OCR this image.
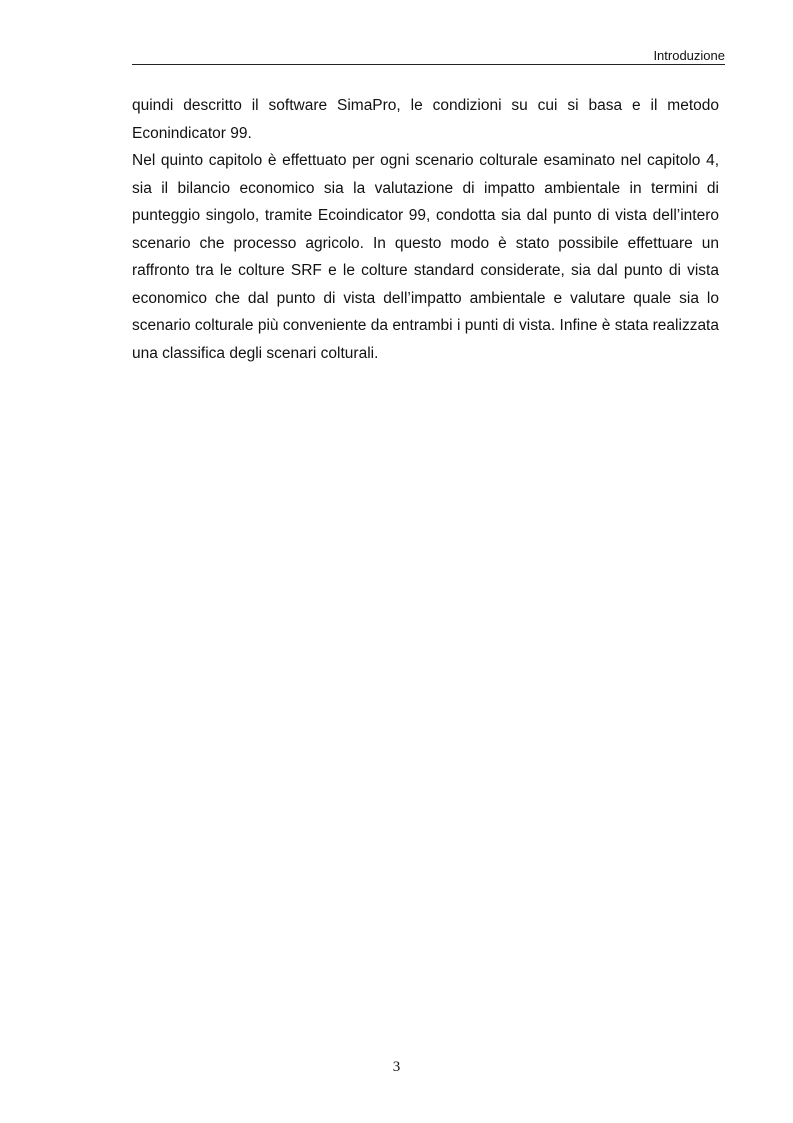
Introduzione

quindi descritto il software SimaPro, le condizioni su cui si basa e il metodo Econindicator 99.

Nel quinto capitolo è effettuato per ogni scenario colturale esaminato nel capitolo 4, sia il bilancio economico sia la valutazione di impatto ambientale in termini di punteggio singolo, tramite Ecoindicator 99, condotta sia dal punto di vista dell’intero scenario che processo agricolo. In questo modo è stato possibile effettuare un raffronto tra le colture SRF e le colture standard considerate, sia dal punto di vista economico che dal punto di vista dell’impatto ambientale e valutare quale sia lo scenario colturale più conveniente da entrambi i punti di vista. Infine è stata realizzata una classifica degli scenari colturali.

3
